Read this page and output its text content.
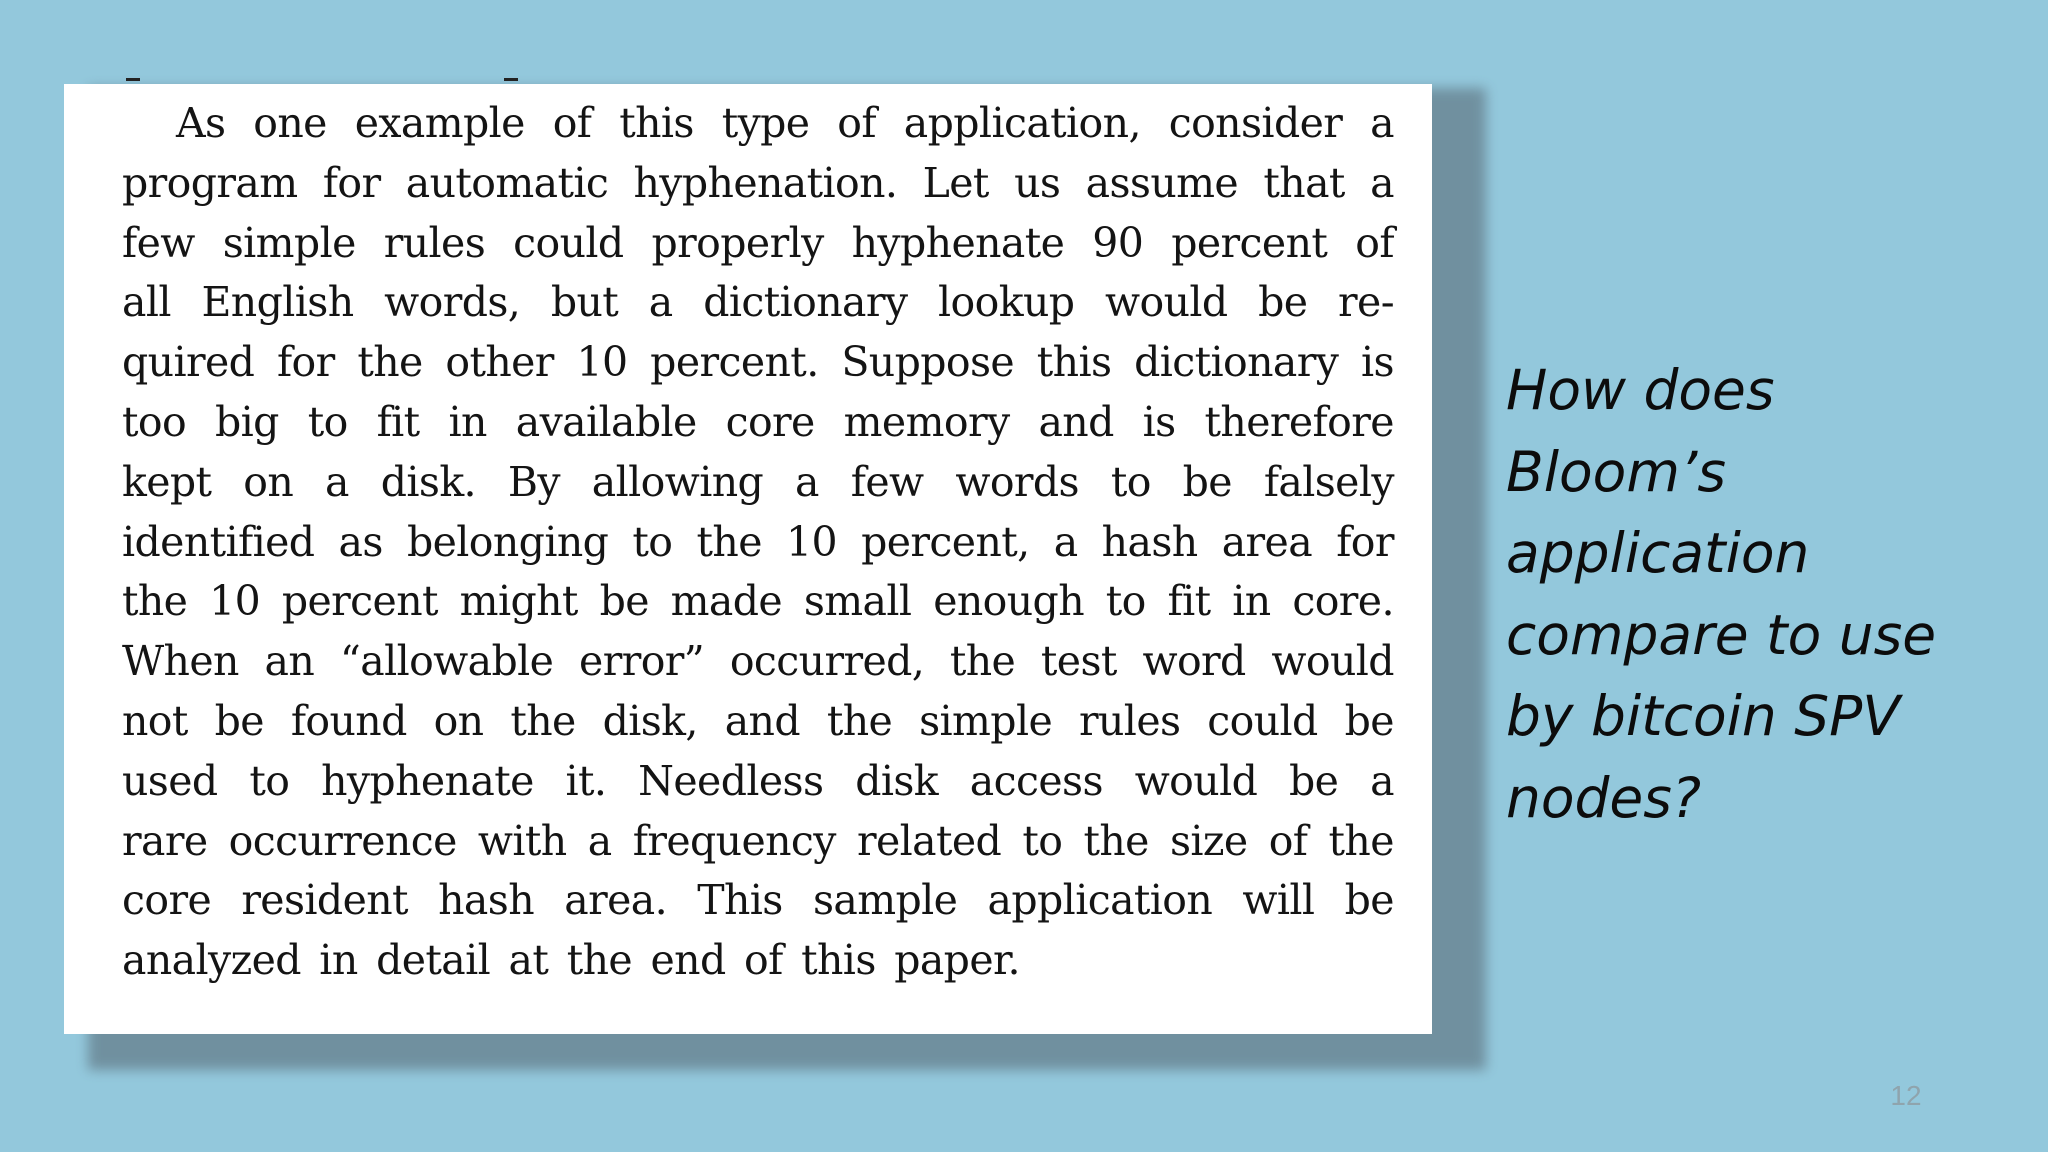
As one example of this type of application, consider a
program for automatic hyphenation. Let us assume that a
few simple rules could properly hyphenate 90 percent of
all English words, but a dictionary lookup would be re-
quired for the other 10 percent. Suppose this dictionary is
too big to fit in available core memory and is therefore
kept on a disk. By allowing a few words to be falsely
identified as belonging to the 10 percent, a hash area for
the 10 percent might be made small enough to fit in core.
When an “allowable error” occurred, the test word would
not be found on the disk, and the simple rules could be
used to hyphenate it. Needless disk access would be a
rare occurrence with a frequency related to the size of the
core resident hash area. This sample application will be
analyzed in detail at the end of this paper.
How does
Bloom’s
application
compare to use
by bitcoin SPV
nodes?
12
